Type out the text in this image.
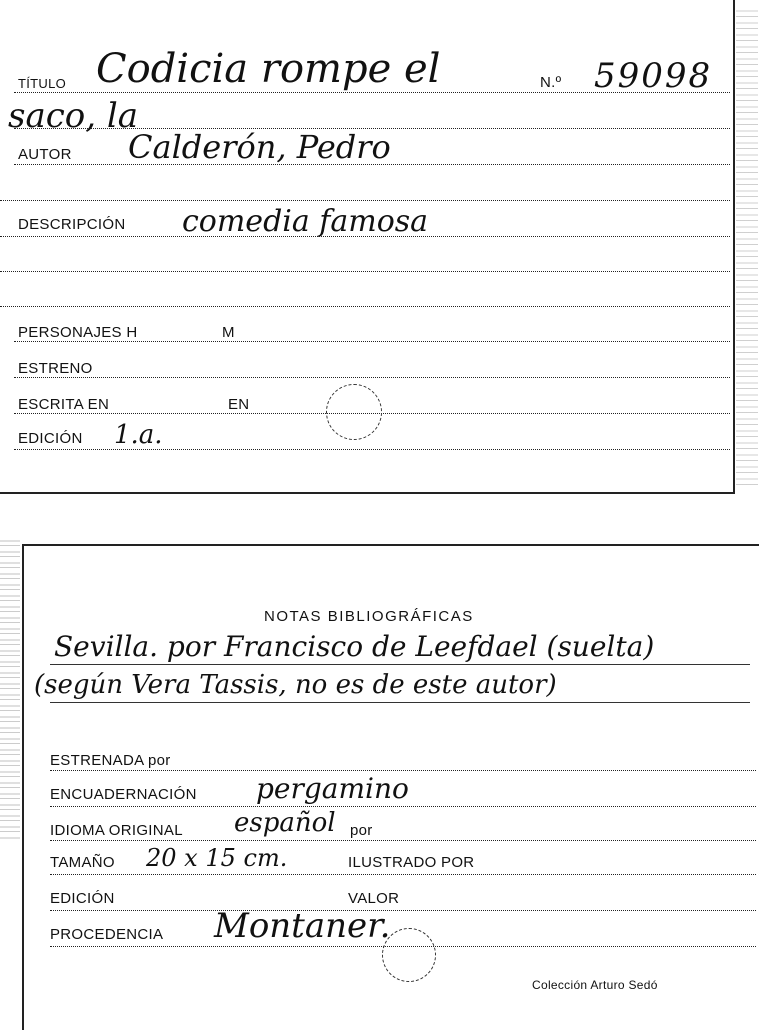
TÍTULO Codicia rompe el	N.º 59098
saco, la
AUTOR Calderón, Pedro
DESCRIPCIÓN comedia famosa
PERSONAJES H	M
ESTRENO
ESCRITA EN	EN
EDICIÓN 1.a.
NOTAS BIBLIOGRÁFICAS
Sevilla. por Francisco de Leefdael (suelta)
(según Vera Tassis, no es de este autor)
ESTRENADA por
ENCUADERNACIÓN pergamino
IDIOMA ORIGINAL español por
TAMAÑO 20 x 15 cm.	ILUSTRADO POR
EDICIÓN	VALOR
PROCEDENCIA Montaner.
Colección Arturo Sedó
